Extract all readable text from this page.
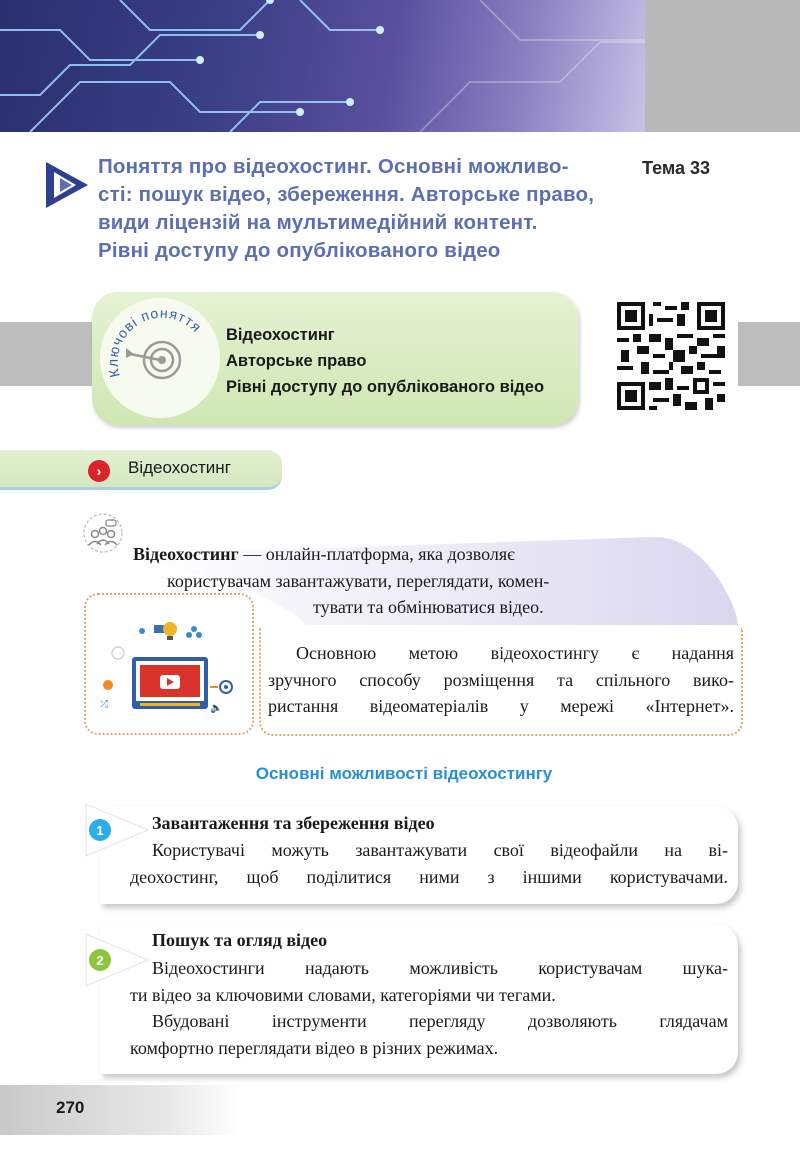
Поняття про відеохостинг. Основні можливо-
сті: пошук відео, збереження. Авторське право,
види ліцензій на мультимедійний контент.
Рівні доступу до опублікованого відео
Тема 33
Ключові поняття Відеохостинг
Авторське право
Рівні доступу до опублікованого відео
›	Відеохостинг
Відеохостинг — онлайн-платформа, яка дозволяє
користувачам завантажувати, переглядати, комен-
тувати та обмінюватися відео.
⤮	🔈
Основною метою відеохостингу є надання
зручного способу розміщення та спільного вико-
ристання відеоматеріалів у мережі «Інтернет».
Основні можливості відеохостингу
1	Завантаження та збереження відео
Користувачі можуть завантажувати свої відеофайли на ві-
деохостинг, щоб поділитися ними з іншими користувачами.
2
Пошук та огляд відео
Відеохостинги надають можливість користувачам шука-
ти відео за ключовими словами, категоріями чи тегами.
Вбудовані інструменти перегляду дозволяють глядачам
комфортно переглядати відео в різних режимах.
270
